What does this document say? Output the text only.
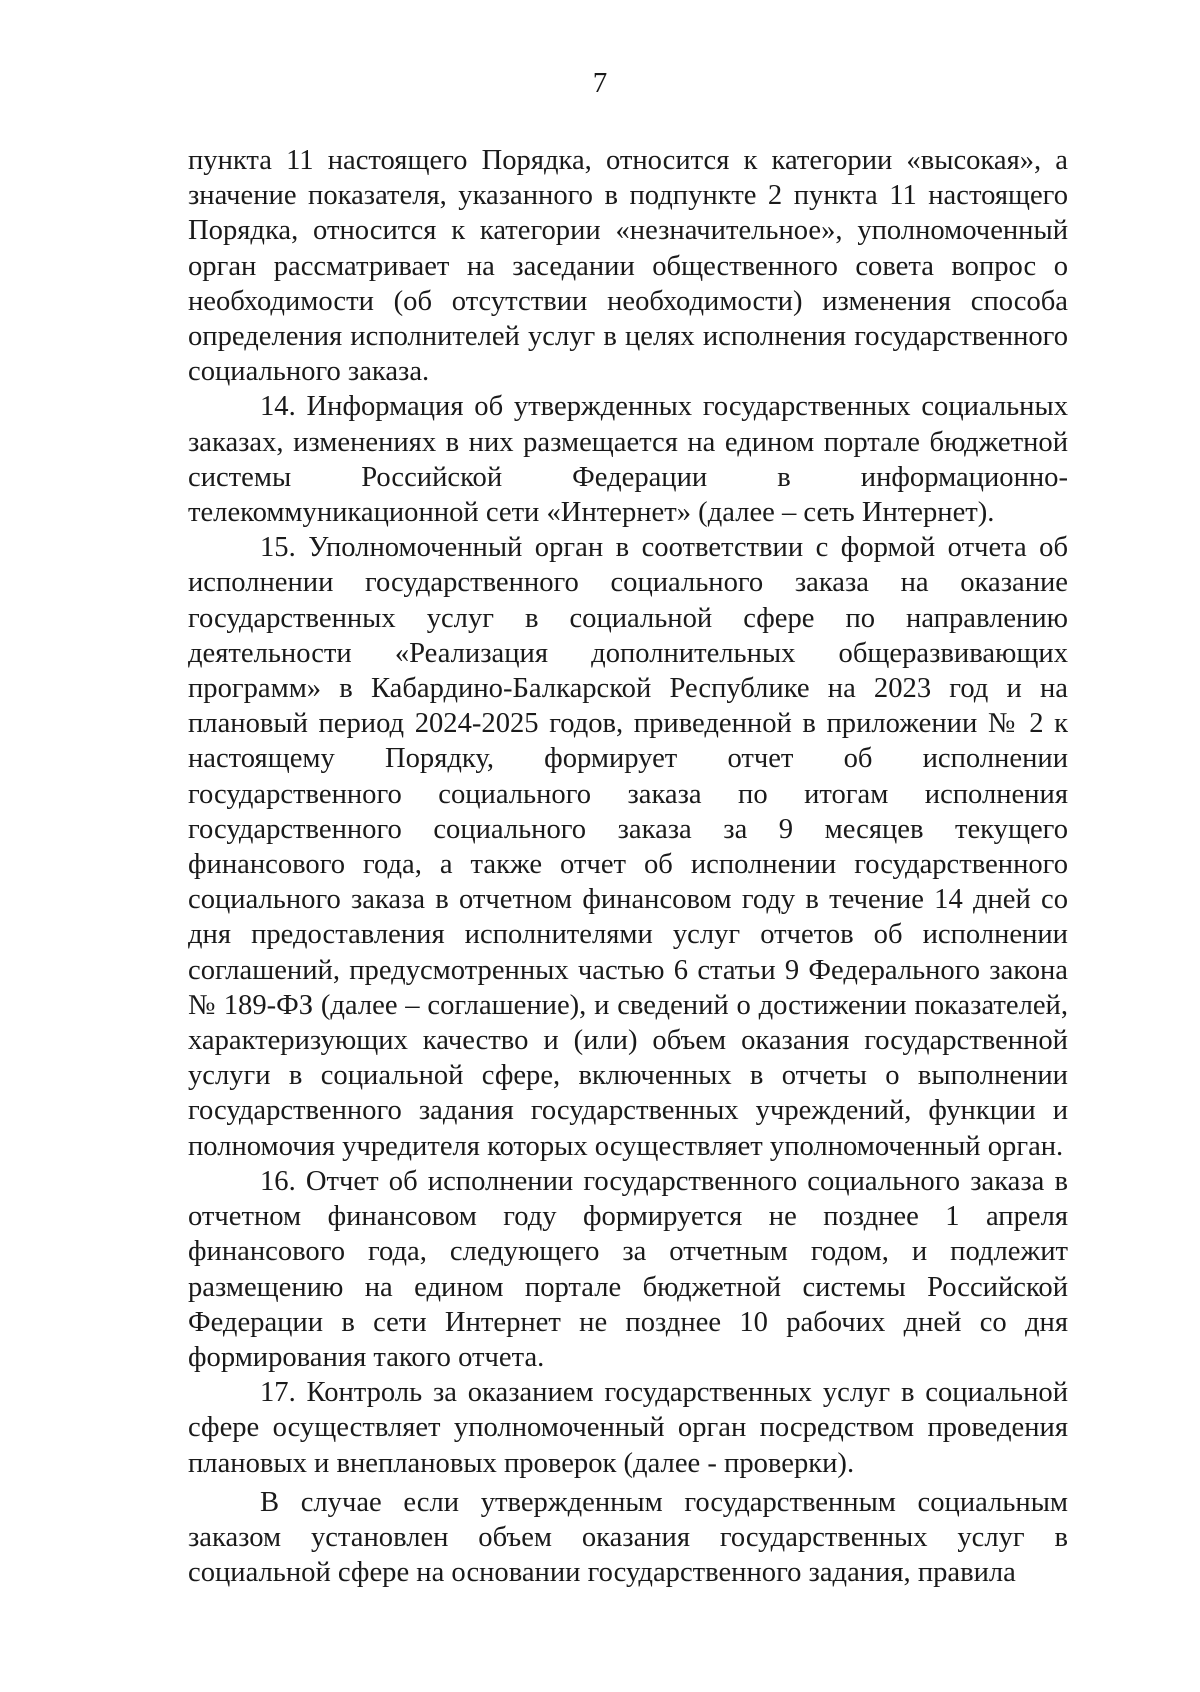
7

пункта 11 настоящего Порядка, относится к категории «высокая», а значение показателя, указанного в подпункте 2 пункта 11 настоящего Порядка, относится к категории «незначительное», уполномоченный орган рассматривает на заседании общественного совета вопрос о необходимости (об отсутствии необходимости) изменения способа определения исполнителей услуг в целях исполнения государственного социального заказа.

14. Информация об утвержденных государственных социальных заказах, изменениях в них размещается на едином портале бюджетной системы Российской Федерации в информационно-телекоммуникационной сети «Интернет» (далее – сеть Интернет).

15. Уполномоченный орган в соответствии с формой отчета об исполнении государственного социального заказа на оказание государственных услуг в социальной сфере по направлению деятельности «Реализация дополнительных общеразвивающих программ» в Кабардино-Балкарской Республике на 2023 год и на плановый период 2024-2025 годов, приведенной в приложении № 2 к настоящему Порядку, формирует отчет об исполнении государственного социального заказа по итогам исполнения государственного социального заказа за 9 месяцев текущего финансового года, а также отчет об исполнении государственного социального заказа в отчетном финансовом году в течение 14 дней со дня предоставления исполнителями услуг отчетов об исполнении соглашений, предусмотренных частью 6 статьи 9 Федерального закона № 189-ФЗ (далее – соглашение), и сведений о достижении показателей, характеризующих качество и (или) объем оказания государственной услуги в социальной сфере, включенных в отчеты о выполнении государственного задания государственных учреждений, функции и полномочия учредителя которых осуществляет уполномоченный орган.

16. Отчет об исполнении государственного социального заказа в отчетном финансовом году формируется не позднее 1 апреля финансового года, следующего за отчетным годом, и подлежит размещению на едином портале бюджетной системы Российской Федерации в сети Интернет не позднее 10 рабочих дней со дня формирования такого отчета.

17. Контроль за оказанием государственных услуг в социальной сфере осуществляет уполномоченный орган посредством проведения плановых и внеплановых проверок (далее - проверки).

В случае если утвержденным государственным социальным заказом установлен объем оказания государственных услуг в социальной сфере на основании государственного задания, правила
